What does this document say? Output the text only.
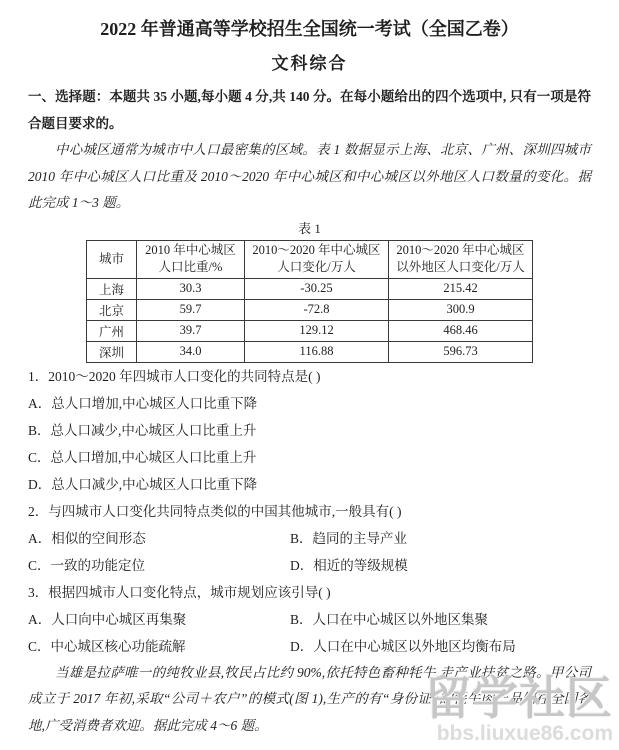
2022 年普通高等学校招生全国统一考试（全国乙卷）
文科综合

一、选择题：本题共 35 小题,每小题 4 分,共 140 分。在每小题给出的四个选项中, 只有一项是符合题目要求的。

中心城区通常为城市中人口最密集的区域。表 1 数据显示上海、北京、广州、深圳四城市 2010 年中心城区人口比重及 2010～2020 年中心城区和中心城区以外地区人口数量的变化。据此完成 1～3 题。

表 1
城市	2010 年中心城区 人口比重/%	2010～2020 年中心城区 人口变化/万人	2010～2020 年中心城区 以外地区人口变化/万人
上海	30.3	-30.25	215.42
北京	59.7	-72.8	300.9
广州	39.7	129.12	468.46
深圳	34.0	116.88	596.73

1．2010～2020 年四城市人口变化的共同特点是( )

A．总人口增加,中心城区人口比重下降

B．总人口减少,中心城区人口比重上升

C．总人口增加,中心城区人口比重上升

D．总人口减少,中心城区人口比重下降

2．与四城市人口变化共同特点类似的中国其他城市,一般具有( )

A．相似的空间形态	B．趋同的主导产业

C．一致的功能定位	D．相近的等级规模

3．根据四城市人口变化特点，城市规划应该引导( )

A．人口向中心城区再集聚	B．人口在中心城区以外地区集聚

C．中心城区核心功能疏解	D．人口在中心城区以外地区均衡布局

当雄是拉萨唯一的纯牧业县,牧民占比约 90%,依托特色畜种牦牛,走产业扶贫之路。甲公司成立于 2017 年初,采取“公司＋农户”的模式(图 1),生产的有“身份证”的牦牛肉产品销往全国各地,广受消费者欢迎。据此完成 4～6 题。

留学社区
bbs.liuxue86.com
